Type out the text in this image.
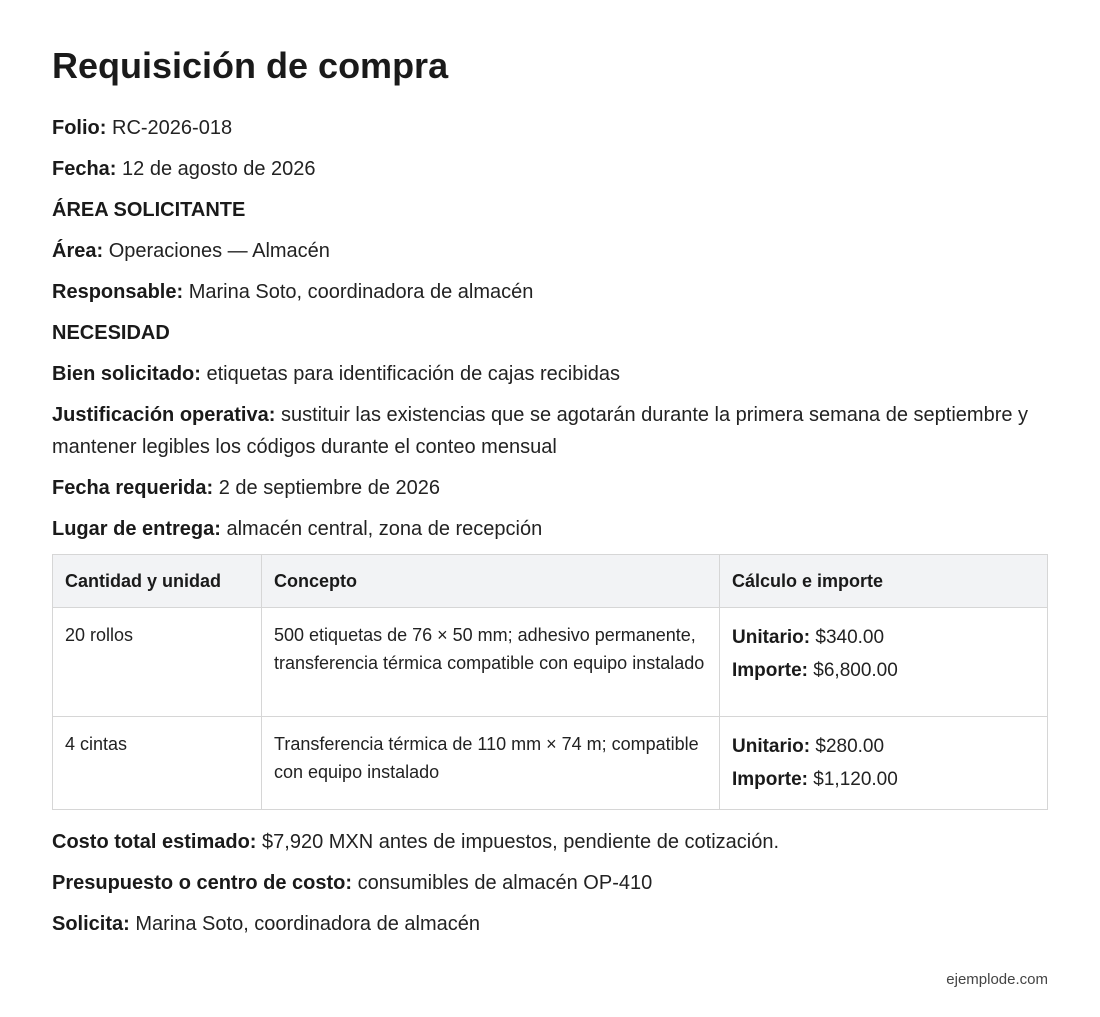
Requisición de compra

Folio: RC-2026-018

Fecha: 12 de agosto de 2026

ÁREA SOLICITANTE

Área: Operaciones — Almacén

Responsable: Marina Soto, coordinadora de almacén

NECESIDAD

Bien solicitado: etiquetas para identificación de cajas recibidas

Justificación operativa: sustituir las existencias que se agotarán durante la primera semana de septiembre y mantener legibles los códigos durante el conteo mensual

Fecha requerida: 2 de septiembre de 2026

Lugar de entrega: almacén central, zona de recepción

Cantidad y unidad	Concepto	Cálculo e importe
20 rollos	500 etiquetas de 76 × 50 mm; adhesivo permanente, transferencia térmica compatible con equipo instalado	Unitario: $340.00
Importe: $6,800.00

4 cintas	Transferencia térmica de 110 mm × 74 m; compatible con equipo instalado	Unitario: $280.00
Importe: $1,120.00

Costo total estimado: $7,920 MXN antes de impuestos, pendiente de cotización.

Presupuesto o centro de costo: consumibles de almacén OP-410

Solicita: Marina Soto, coordinadora de almacén

ejemplode.com
